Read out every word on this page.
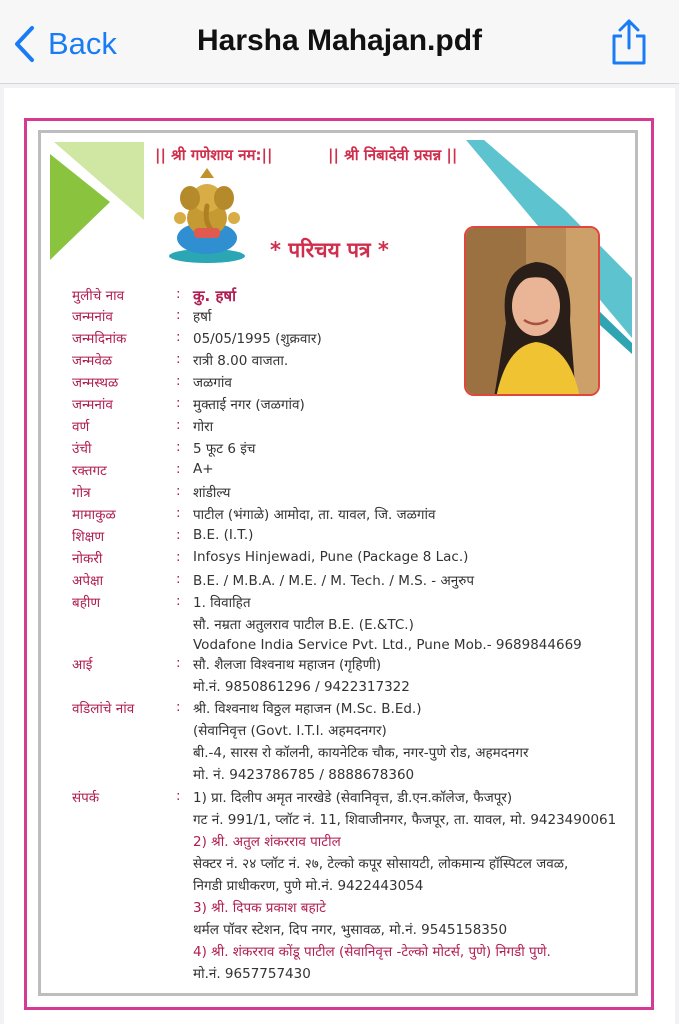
Back	Harsha Mahajan.pdf
|| श्री गणेशाय नम:||	|| श्री निंबादेवी प्रसन्न ||
* परिचय पत्र *
मुलीचे नाव	: कु. हर्षा
जन्मनांव	: हर्षा
जन्मदिनांक	: 05/05/1995 (शुक्रवार)
जन्मवेळ	: रात्री 8.00 वाजता.
जन्मस्थळ	: जळगांव
जन्मनांव	: मुक्ताई नगर (जळगांव)
वर्ण	: गोरा
उंची	: 5 फूट 6 इंच
रक्तगट	: A+
गोत्र	: शांडील्य
मामाकुळ	: पाटील (भंगाळे) आमोदा, ता. यावल, जि. जळगांव
शिक्षण	: B.E. (I.T.)
नोकरी	: Infosys Hinjewadi, Pune (Package 8 Lac.)
अपेक्षा	: B.E. / M.B.A. / M.E. / M. Tech. / M.S. - अनुरुप
बहीण	: 1. विवाहित
सौ. नम्रता अतुलराव पाटील B.E. (E.&TC.)
Vodafone India Service Pvt. Ltd., Pune Mob.- 9689844669
आई	: सौ. शैलजा विश्वनाथ महाजन (गृहिणी)
मो.नं. 9850861296 / 9422317322
वडिलांचे नांव	: श्री. विश्वनाथ विठ्ठल महाजन (M.Sc. B.Ed.)
(सेवानिवृत्त (Govt. I.T.I. अहमदनगर)
बी.-4, सारस रो कॉलनी, कायनेटिक चौक, नगर-पुणे रोड, अहमदनगर
मो. नं. 9423786785 / 8888678360
संपर्क	: 1) प्रा. दिलीप अमृत नारखेडे (सेवानिवृत्त, डी.एन.कॉलेज, फैजपूर)
गट नं. 991/1, प्लॉट नं. 11, शिवाजीनगर, फैजपूर, ता. यावल, मो. 9423490061
2) श्री. अतुल शंकरराव पाटील
सेक्टर नं. २४ प्लॉट नं. २७, टेल्को कपूर सोसायटी, लोकमान्य हॉस्पिटल जवळ,
निगडी प्राधीकरण, पुणे मो.नं. 9422443054
3) श्री. दिपक प्रकाश बहाटे
थर्मल पॉवर स्टेशन, दिप नगर, भुसावळ, मो.नं. 9545158350
4) श्री. शंकरराव कोंडू पाटील (सेवानिवृत्त -टेल्को मोटर्स, पुणे) निगडी पुणे.
मो.नं. 9657757430
